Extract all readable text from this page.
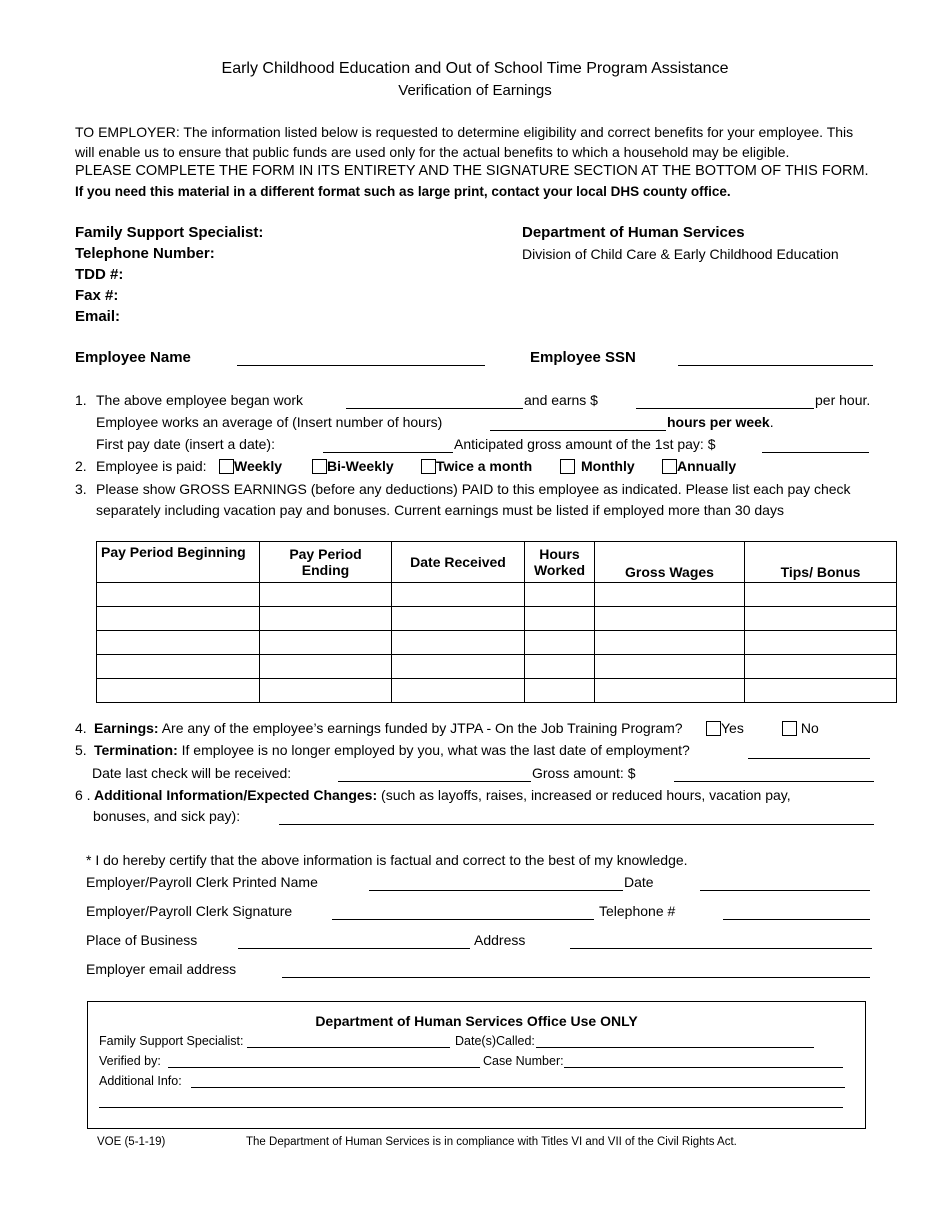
Early Childhood Education and Out of School Time Program Assistance
Verification of Earnings
TO EMPLOYER: The information listed below is requested to determine eligibility and correct benefits for your employee. This
will enable us to ensure that public funds are used only for the actual benefits to which a household may be eligible.
PLEASE COMPLETE THE FORM IN ITS ENTIRETY AND THE SIGNATURE SECTION AT THE BOTTOM OF THIS FORM.
If you need this material in a different format such as large print, contact your local DHS county office.
Family Support Specialist:
Telephone Number:
TDD #:
Fax #:
Email:
Department of Human Services
Division of Child Care & Early Childhood Education
Employee Name	Employee SSN
1. The above employee began work	and earns $	per hour.
Employee works an average of (Insert number of hours)	hours per week.
First pay date (insert a date):	Anticipated gross amount of the 1st pay: $
2. Employee is paid:	Weekly	Bi-Weekly	Twice a month	Monthly	Annually
3. Please show GROSS EARNINGS (before any deductions) PAID to this employee as indicated. Please list each pay check
separately including vacation pay and bonuses. Current earnings must be listed if employed more than 30 days
Pay Period Beginning	Pay Period Ending	Date Received	Hours Worked	Gross Wages	Tips/ Bonus

4. Earnings: Are any of the employee’s earnings funded by JTPA - On the Job Training Program?	Yes	No
5. Termination: If employee is no longer employed by you, what was the last date of employment?
Date last check will be received:	Gross amount: $
6 . Additional Information/Expected Changes: (such as layoffs, raises, increased or reduced hours, vacation pay,
bonuses, and sick pay):
* I do hereby certify that the above information is factual and correct to the best of my knowledge.
Employer/Payroll Clerk Printed Name	Date
Employer/Payroll Clerk Signature	Telephone #
Place of Business	Address
Employer email address
Department of Human Services Office Use ONLY
Family Support Specialist:	Date(s)Called:
Verified by:	Case Number:
Additional Info:
VOE (5-1-19)	The Department of Human Services is in compliance with Titles VI and VII of the Civil Rights Act.
